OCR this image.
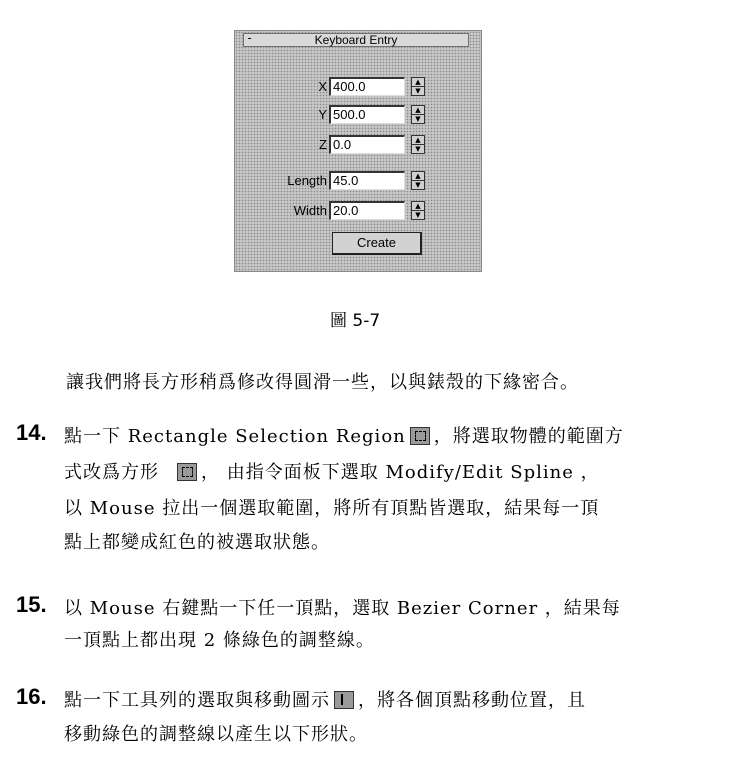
-	Keyboard Entry
X 400.0	▲
▼
Y 500.0	▲
▼
Z 0.0	▲
▼
Length 45.0	▲
▼
Width 20.0	▲
▼
Create
圖 5-7
讓我們將長方形稍爲修改得圓滑一些，以與錶殼的下緣密合。
14. 點一下 Rectangle Selection Region ，將選取物體的範圍方
式改爲方形 ， 由指令面板下選取 Modify/Edit Spline ，
以 Mouse 拉出一個選取範圍，將所有頂點皆選取，結果每一頂
點上都變成紅色的被選取狀態。
15. 以 Mouse 右鍵點一下任一頂點，選取 Bezier Corner ，結果每
一頂點上都出現 2 條綠色的調整線。
16. 點一下工具列的選取與移動圖示 ，將各個頂點移動位置，且
移動綠色的調整線以產生以下形狀。
